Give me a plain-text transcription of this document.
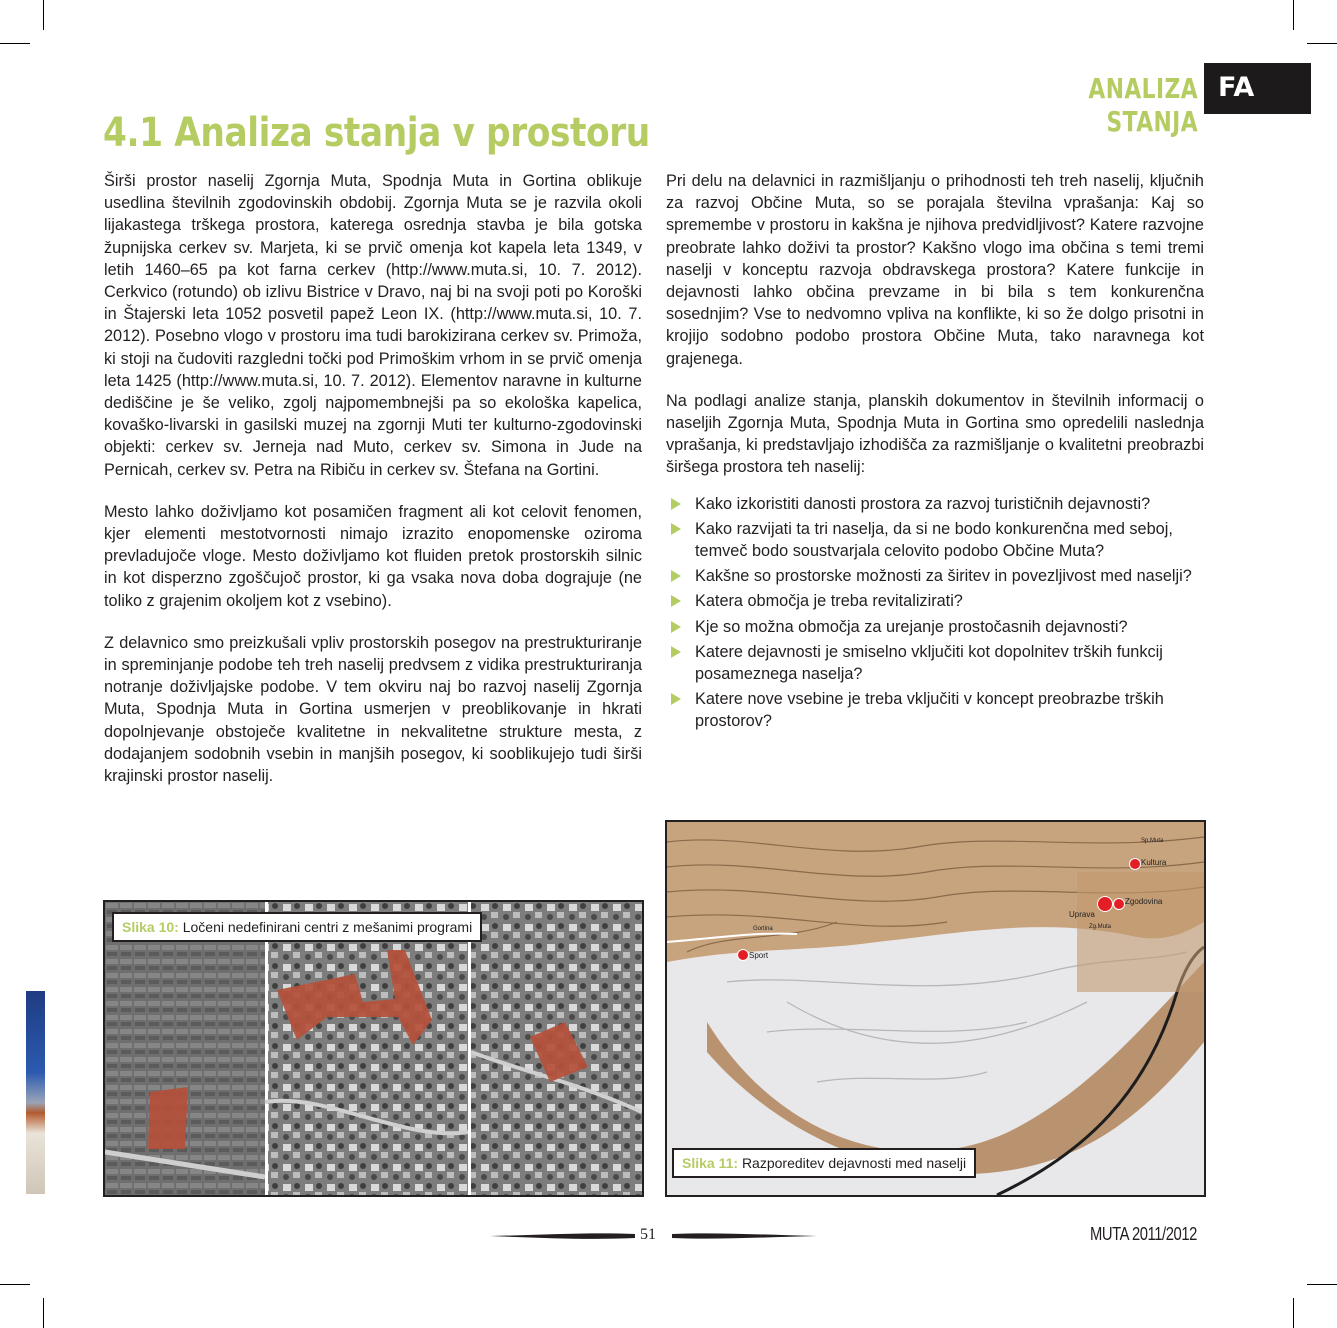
ANALIZA STANJA
FA
4.1 Analiza stanja v prostoru

Širši prostor naselij Zgornja Muta, Spodnja Muta in Gortina oblikuje usedlina številnih zgodovinskih obdobij. Zgornja Muta se je razvila okoli lijakastega trškega prostora, katerega osrednja stavba je bila gotska župnijska cerkev sv. Marjeta, ki se prvič omenja kot kapela leta 1349, v letih 1460–65 pa kot farna cerkev (http://www.muta.si, 10. 7. 2012). Cerkvico (rotundo) ob izlivu Bistrice v Dravo, naj bi na svoji poti po Koroški in Štajerski leta 1052 posvetil papež Leon IX. (http://www.muta.si, 10. 7. 2012). Posebno vlogo v prostoru ima tudi barokizirana cerkev sv. Primoža, ki stoji na čudoviti razgledni točki pod Primoškim vrhom in se prvič omenja leta 1425 (http://www.muta.si, 10. 7. 2012). Elementov naravne in kulturne dediščine je še veliko, zgolj najpomembnejši pa so ekološka kapelica, kovaško-livarski in gasilski muzej na zgornji Muti ter kulturno-zgodovinski objekti: cerkev sv. Jerneja nad Muto, cerkev sv. Simona in Jude na Pernicah, cerkev sv. Petra na Ribiču in cerkev sv. Štefana na Gortini.

Mesto lahko doživljamo kot posamičen fragment ali kot celovit fenomen, kjer elementi mestotvornosti nimajo izrazito enopomenske oziroma prevladujoče vloge. Mesto doživljamo kot fluiden pretok prostorskih silnic in kot disperzno zgoščujoč prostor, ki ga vsaka nova doba dograjuje (ne toliko z grajenim okoljem kot z vsebino).

Z delavnico smo preizkušali vpliv prostorskih posegov na prestrukturiranje in spreminjanje podobe teh treh naselij predvsem z vidika prestrukturiranja notranje doživljajske podobe. V tem okviru naj bo razvoj naselij Zgornja Muta, Spodnja Muta in Gortina usmerjen v preoblikovanje in hkrati dopolnjevanje obstoječe kvalitetne in nekvalitetne strukture mesta, z dodajanjem sodobnih vsebin in manjših posegov, ki sooblikujejo tudi širši krajinski prostor naselij.

Pri delu na delavnici in razmišljanju o prihodnosti teh treh naselij, ključnih za razvoj Občine Muta, so se porajala številna vprašanja: Kaj so spremembe v prostoru in kakšna je njihova predvidljivost? Katere razvojne preobrate lahko doživi ta prostor? Kakšno vlogo ima občina s temi tremi naselji v konceptu razvoja obdravskega prostora? Katere funkcije in dejavnosti lahko občina prevzame in bi bila s tem konkurenčna sosednjim? Vse to nedvomno vpliva na konflikte, ki so že dolgo prisotni in krojijo sodobno podobo prostora Občine Muta, tako naravnega kot grajenega.

Na podlagi analize stanja, planskih dokumentov in številnih informacij o naseljih Zgornja Muta, Spodnja Muta in Gortina smo opredelili naslednja vprašanja, ki predstavljajo izhodišča za razmišljanje o kvalitetni preobrazbi širšega prostora teh naselij:

Kako izkoristiti danosti prostora za razvoj turističnih dejavnosti?
Kako razvijati ta tri naselja, da si ne bodo konkurenčna med seboj, temveč bodo soustvarjala celovito podobo Občine Muta?
Kakšne so prostorske možnosti za širitev in povezljivost med naselji?
Katera območja je treba revitalizirati?
Kje so možna območja za urejanje prostočasnih dejavnosti?
Katere dejavnosti je smiselno vključiti kot dopolnitev trških funkcij posameznega naselja?
Katere nove vsebine je treba vključiti v koncept preobrazbe trških prostorov?
Slika 10: Ločeni nedefinirani centri z mešanimi programi
Sp.Muta
Kultura
Zgodovina
Uprava
Zg.Muta
Gortina
Sport
Slika 11: Razporeditev dejavnosti med naselji
51	MUTA 2011/2012
